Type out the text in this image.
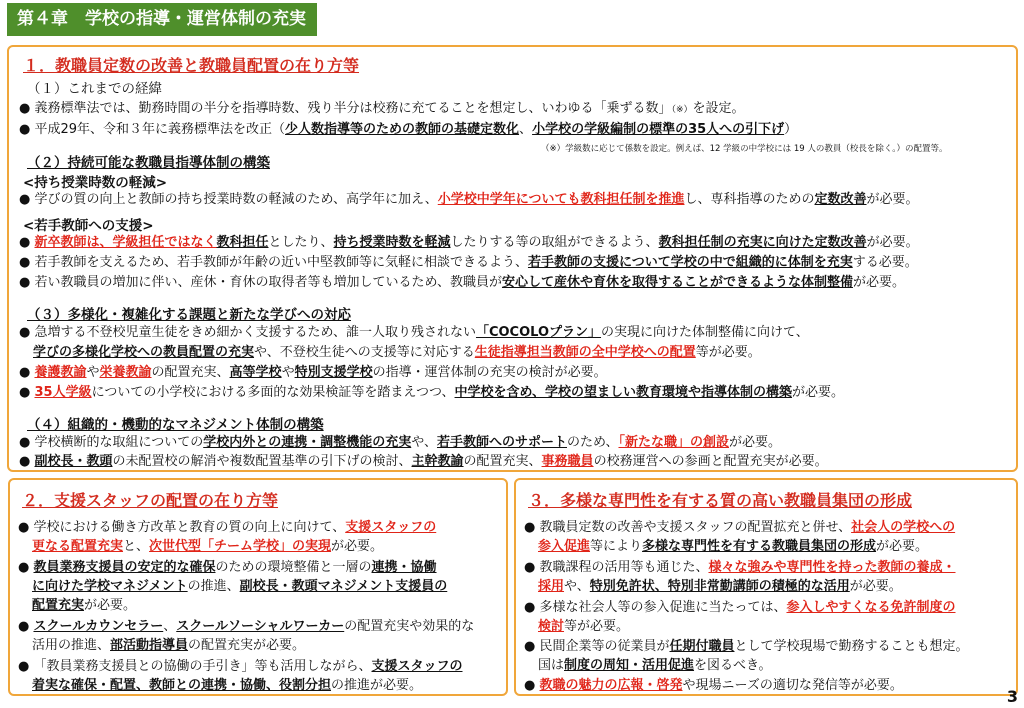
第４章　学校の指導・運営体制の充実
１．教職員定数の改善と教職員配置の在り方等
（１）これまでの経緯
● 義務標準法では、勤務時間の半分を指導時数、残り半分は校務に充てることを想定し、いわゆる「乗ずる数」（※）を設定。
● 平成29年、令和３年に義務標準法を改正（少人数指導等のための教師の基礎定数化、小学校の学級編制の標準の35人への引下げ）
（※）学級数に応じて係数を設定。例えば、12 学級の中学校には 19 人の教員（校長を除く。）の配置等。
（２）持続可能な教職員指導体制の構築
<持ち授業時数の軽減>
● 学びの質の向上と教師の持ち授業時数の軽減のため、高学年に加え、小学校中学年についても教科担任制を推進し、専科指導のための定数改善が必要。
<若手教師への支援>
● 新卒教師は、学級担任ではなく教科担任としたり、持ち授業時数を軽減したりする等の取組ができるよう、教科担任制の充実に向けた定数改善が必要。
● 若手教師を支えるため、若手教師が年齢の近い中堅教師等に気軽に相談できるよう、若手教師の支援について学校の中で組織的に体制を充実する必要。
● 若い教職員の増加に伴い、産休・育休の取得者等も増加しているため、教職員が安心して産休や育休を取得することができるような体制整備が必要。
（３）多様化・複雑化する課題と新たな学びへの対応
● 急増する不登校児童生徒をきめ細かく支援するため、誰一人取り残されない「COCOLOプラン」の実現に向けた体制整備に向けて、
学びの多様化学校への教員配置の充実や、不登校生徒への支援等に対応する生徒指導担当教師の全中学校への配置等が必要。
● 養護教諭や栄養教諭の配置充実、高等学校や特別支援学校の指導・運営体制の充実の検討が必要。
● 35人学級についての小学校における多面的な効果検証等を踏まえつつ、中学校を含め、学校の望ましい教育環境や指導体制の構築が必要。
（４）組織的・機動的なマネジメント体制の構築
● 学校横断的な取組についての学校内外との連携・調整機能の充実や、若手教師へのサポートのため、「新たな職」の創設が必要。
● 副校長・教頭の未配置校の解消や複数配置基準の引下げの検討、主幹教諭の配置充実、事務職員の校務運営への参画と配置充実が必要。
２．支援スタッフの配置の在り方等
● 学校における働き方改革と教育の質の向上に向けて、支援スタッフの
更なる配置充実と、次世代型「チーム学校」の実現が必要。
● 教員業務支援員の安定的な確保のための環境整備と一層の連携・協働
に向けた学校マネジメントの推進、副校長・教頭マネジメント支援員の
配置充実が必要。
● スクールカウンセラー、スクールソーシャルワーカーの配置充実や効果的な
活用の推進、部活動指導員の配置充実が必要。
● 「教員業務支援員との協働の手引き」等も活用しながら、支援スタッフの
着実な確保・配置、教師との連携・協働、役割分担の推進が必要。
３．多様な専門性を有する質の高い教職員集団の形成
● 教職員定数の改善や支援スタッフの配置拡充と併せ、社会人の学校への
参入促進等により多様な専門性を有する教職員集団の形成が必要。
● 教職課程の活用等も通じた、様々な強みや専門性を持った教師の養成・
採用や、特別免許状、特別非常勤講師の積極的な活用が必要。
● 多様な社会人等の参入促進に当たっては、参入しやすくなる免許制度の
検討等が必要。
● 民間企業等の従業員が任期付職員として学校現場で勤務することも想定。
国は制度の周知・活用促進を図るべき。
● 教職の魅力の広報・啓発や現場ニーズの適切な発信等が必要。
3
